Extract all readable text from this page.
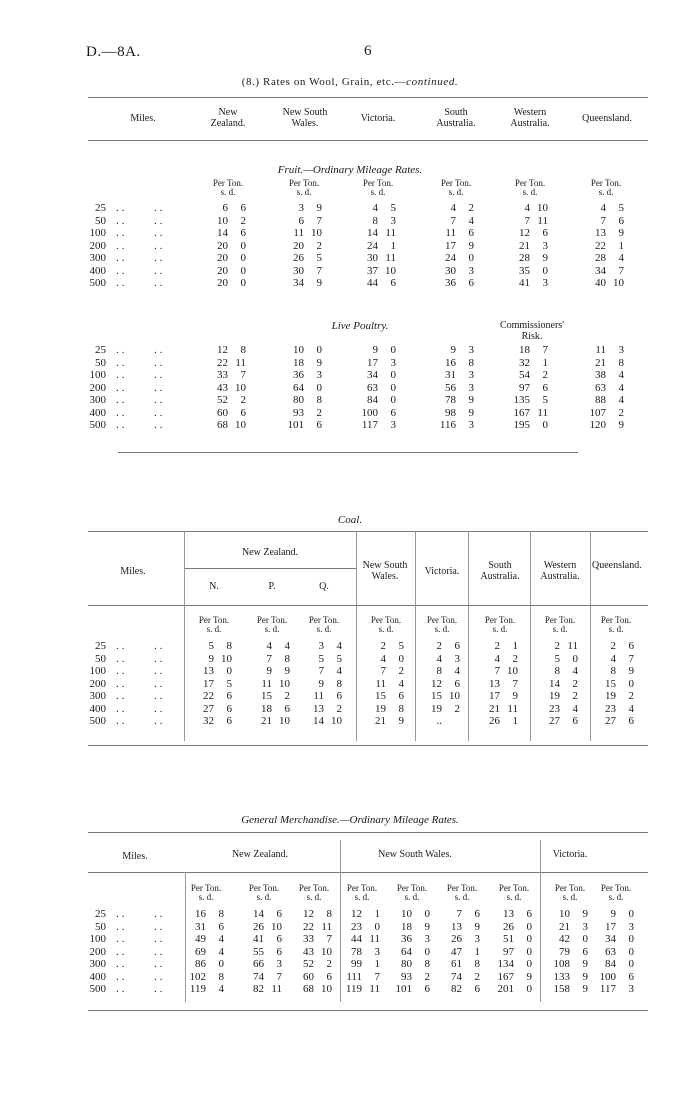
D.—8A.	6
(8.) Rates on Wool, Grain, etc.—continued.
Miles.
New Zealand.
New South Wales.	Victoria.
South Australia.
Western Australia.	Queensland.
Fruit.—Ordinary Mileage Rates.
Per Ton.
s. d.
Per Ton.
s. d.
Per Ton.
s. d.
Per Ton.
s. d.
Per Ton.
s. d.
Per Ton.
s. d.
25 .. ..	6	6	3	9	4	5	4	2	4 10	4	5
50 .. ..	10	2	6	7	8	3	7	4	7 11	7	6
100 .. ..	14	6	11 10	14 11	11	6	12	6	13	9
200 .. ..	20	0	20	2	24	1	17	9	21	3	22	1
300 .. ..	20	0	26	5	30 11	24	0	28	9	28	4
400 .. ..	20	0	30	7	37 10	30	3	35	0	34	7
500 .. ..	20	0	34	9	44	6	36	6	41	3	40 10
Live Poultry.	Commissioners' Risk.
25 .. ..	12	8	10	0	9	0	9	3	18	7	11	3
50 .. ..	22 11	18	9	17	3	16	8	32	1	21	8
100 .. ..	33	7	36	3	34	0	31	3	54	2	38	4
200 .. ..	43 10	64	0	63	0	56	3	97	6	63	4
300 .. ..	52	2	80	8	84	0	78	9	135	5	88	4
400 .. ..	60	6	93	2	100	6	98	9	167 11	107	2
500 .. ..	68 10	101	6	117	3	116	3	195	0	120	9
Coal.
Miles.
New Zealand.
N.	P.	Q.
New South Wales.	Victoria.
South Australia.
Western Australia.
Queensland.
Per Ton.
s. d.
Per Ton.
s. d.
Per Ton.
s. d.
Per Ton.
s. d.
Per Ton.
s. d.
Per Ton.
s. d.
Per Ton.
s. d.
Per Ton.
s. d.
25 .. ..	5	8	4	4	3	4	2	5	2	6	2	1	2 11	2	6
50 .. ..	9 10	7	8	5	5	4	0	4	3	4	2	5	0	4	7
100 .. ..	13	0	9	9	7	4	7	2	8	4	7 10	8	4	8	9
200 .. ..	17	5	11 10	9	8	11	4	12	6	13	7	14	2	15	0
300 .. ..	22	6	15	2	11	6	15	6	15 10	17	9	19	2	19	2
400 .. ..	27	6	18	6	13	2	19	8	19	2	21 11	23	4	23	4
500 .. ..	32	6	21 10	14 10	21	9	..	26	1	27	6	27	6
General Merchandise.—Ordinary Mileage Rates.
Miles.	New Zealand.	New South Wales.	Victoria.
Per Ton.
s. d.
Per Ton.
s. d.
Per Ton.
s. d.
Per Ton.
s. d.
Per Ton.
s. d.
Per Ton.
s. d.
Per Ton.
s. d.
Per Ton.
s. d.
Per Ton.
s. d.
25 .. ..	16	8	14	6	12	8	12	1	10	0	7	6	13	6	10	9	9	0
50 .. ..	31	6	26 10	22 11	23	0	18	9	13	9	26	0	21	3	17	3
100 .. ..	49	4	41	6	33	7	44 11	36	3	26	3	51	0	42	0	34	0
200 .. ..	69	4	55	6	43 10	78	3	64	0	47	1	97	0	79	6	63	0
300 .. ..	86	0	66	3	52	2	99	1	80	8	61	8	134	0	108	9	84	0
400 .. ..	102	8	74	7	60	6	111	7	93	2	74	2	167	9	133	9	100	6
500 .. ..	119	4	82 11	68 10	119 11	101	6	82	6	201	0	158	9	117	3
